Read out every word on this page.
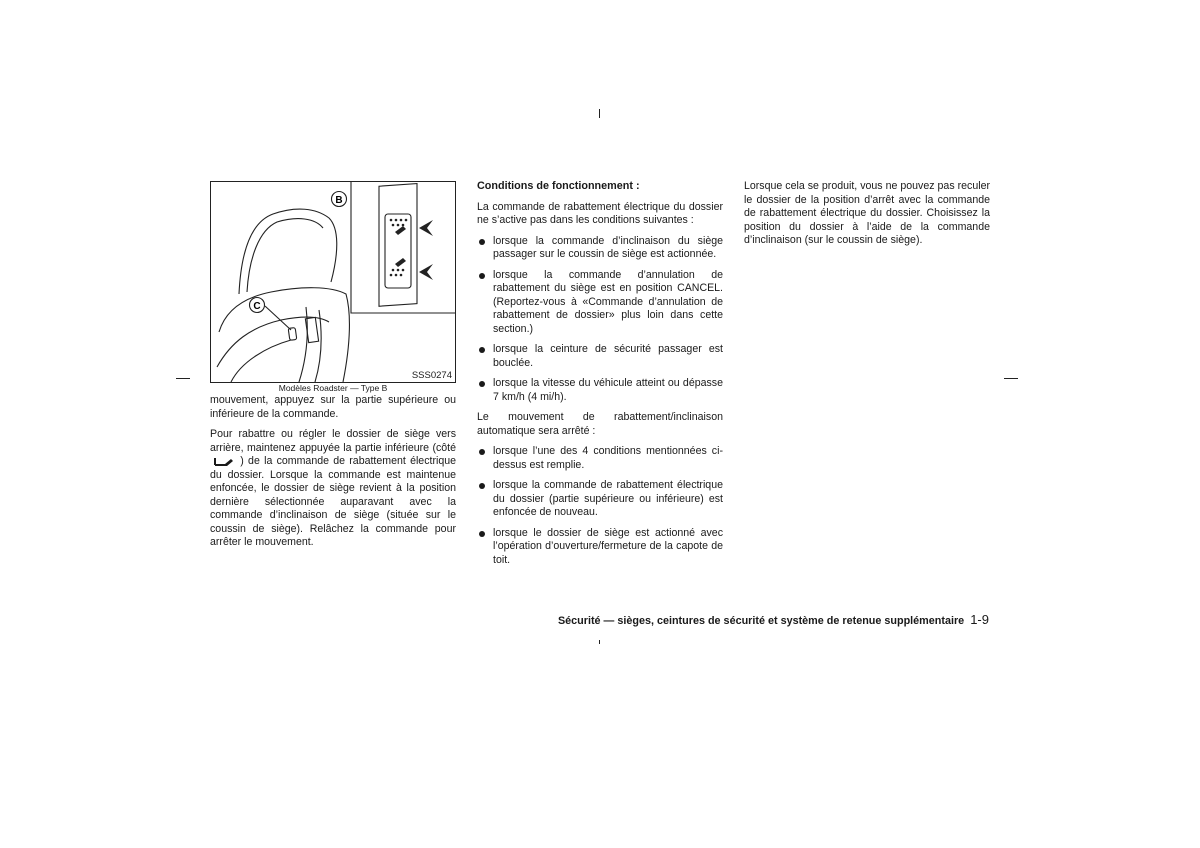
B
C
SSS0274
Modèles Roadster — Type B

mouvement, appuyez sur la partie supérieure ou inférieure de la commande.

Pour rabattre ou régler le dossier de siège vers arrière, maintenez appuyée la partie inférieure (côté  ) de la commande de rabattement électrique du dossier. Lorsque la commande est maintenue enfoncée, le dossier de siège revient à la position dernière sélectionnée auparavant avec la commande d’inclinaison de siège (située sur le coussin de siège). Relâchez la commande pour arrêter le mouvement.

Conditions de fonctionnement :

La commande de rabattement électrique du dossier ne s’active pas dans les conditions suivantes :

lorsque la commande d’inclinaison du siège passager sur le coussin de siège est actionnée.
lorsque la commande d’annulation de rabattement du siège est en position CANCEL. (Reportez-vous à «Commande d’annulation de rabattement de dossier» plus loin dans cette section.)
lorsque la ceinture de sécurité passager est bouclée.
lorsque la vitesse du véhicule atteint ou dépasse 7 km/h (4 mi/h).

Le mouvement de rabattement/inclinaison automatique sera arrêté :

lorsque l’une des 4 conditions mentionnées ci-dessus est remplie.
lorsque la commande de rabattement électrique du dossier (partie supérieure ou inférieure) est enfoncée de nouveau.
lorsque le dossier de siège est actionné avec l’opération d’ouverture/fermeture de la capote de toit.

Lorsque cela se produit, vous ne pouvez pas reculer le dossier de la position d’arrêt avec la commande de rabattement électrique du dossier. Choisissez la position du dossier à l’aide de la commande d’inclinaison (sur le coussin de siège).

Sécurité — sièges, ceintures de sécurité et système de retenue supplémentaire 1-9
